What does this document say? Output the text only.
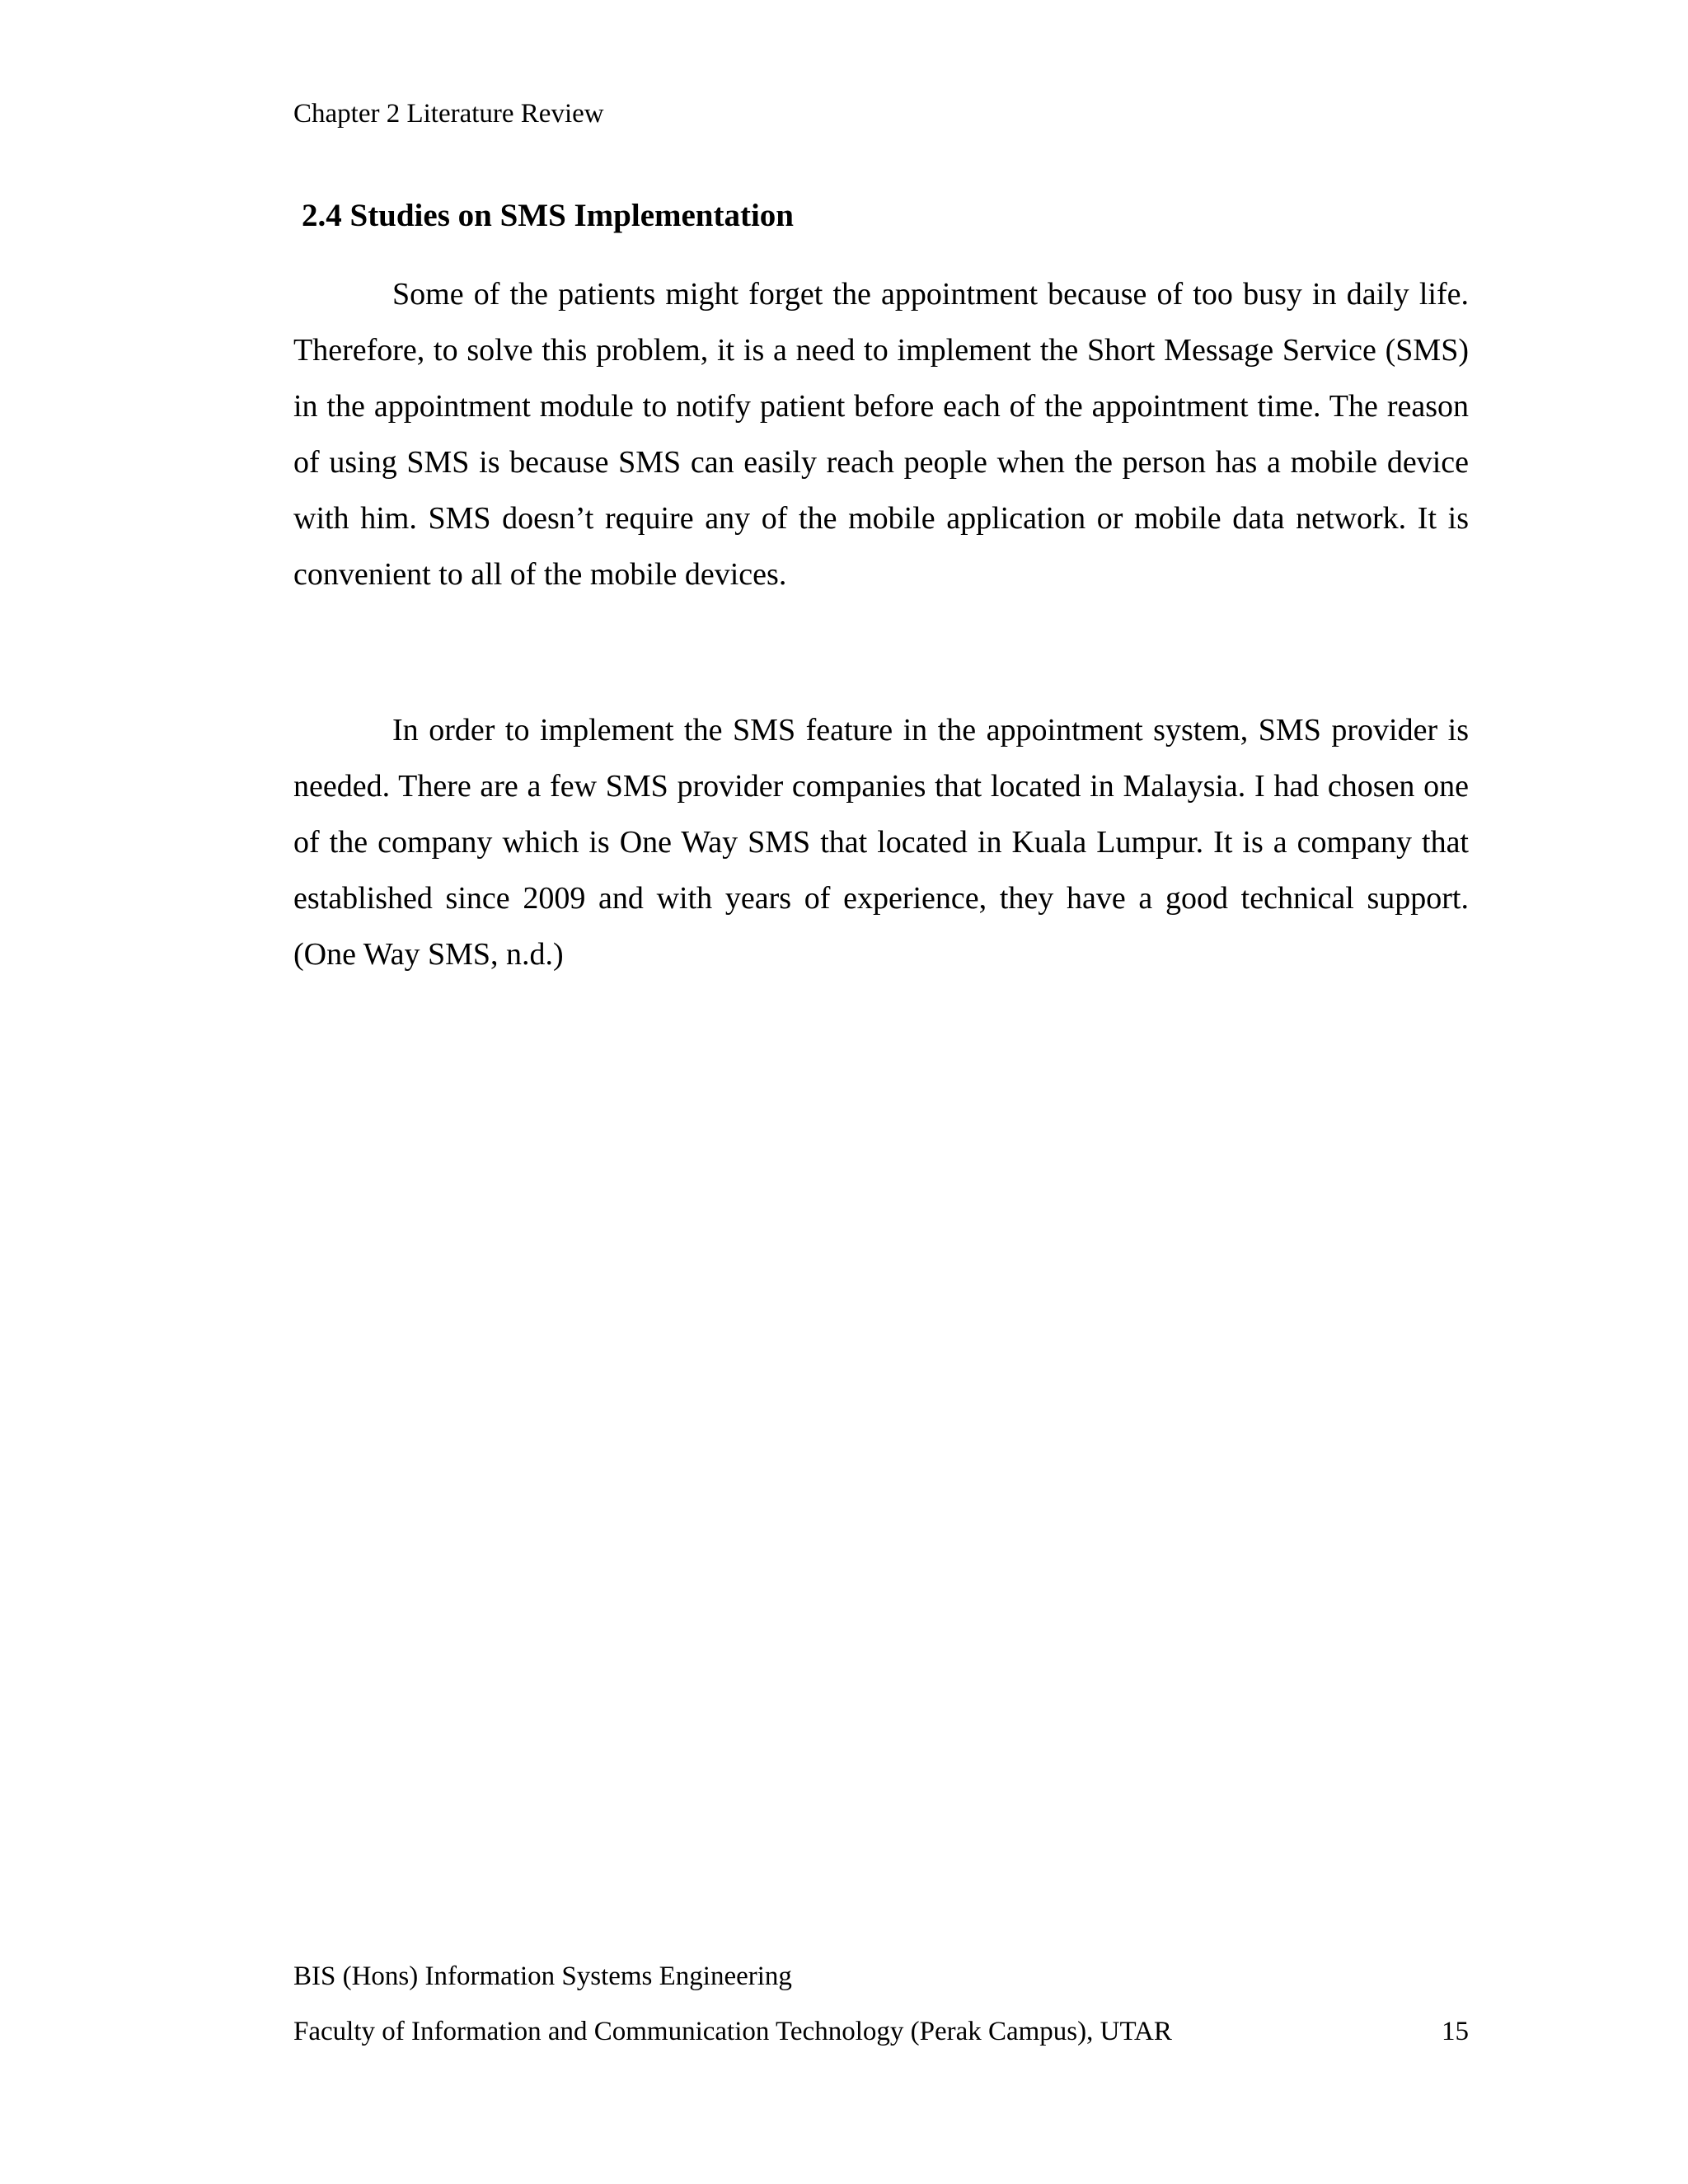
Chapter 2 Literature Review
2.4 Studies on SMS Implementation

Some of the patients might forget the appointment because of too busy in daily life. Therefore, to solve this problem, it is a need to implement the Short Message Service (SMS) in the appointment module to notify patient before each of the appointment time. The reason of using SMS is because SMS can easily reach people when the person has a mobile device with him. SMS doesn’t require any of the mobile application or mobile data network. It is convenient to all of the mobile devices.

In order to implement the SMS feature in the appointment system, SMS provider is needed. There are a few SMS provider companies that located in Malaysia. I had chosen one of the company which is One Way SMS that located in Kuala Lumpur. It is a company that established since 2009 and with years of experience, they have a good technical support. (One Way SMS, n.d.)

BIS (Hons) Information Systems Engineering
Faculty of Information and Communication Technology (Perak Campus), UTAR	15
